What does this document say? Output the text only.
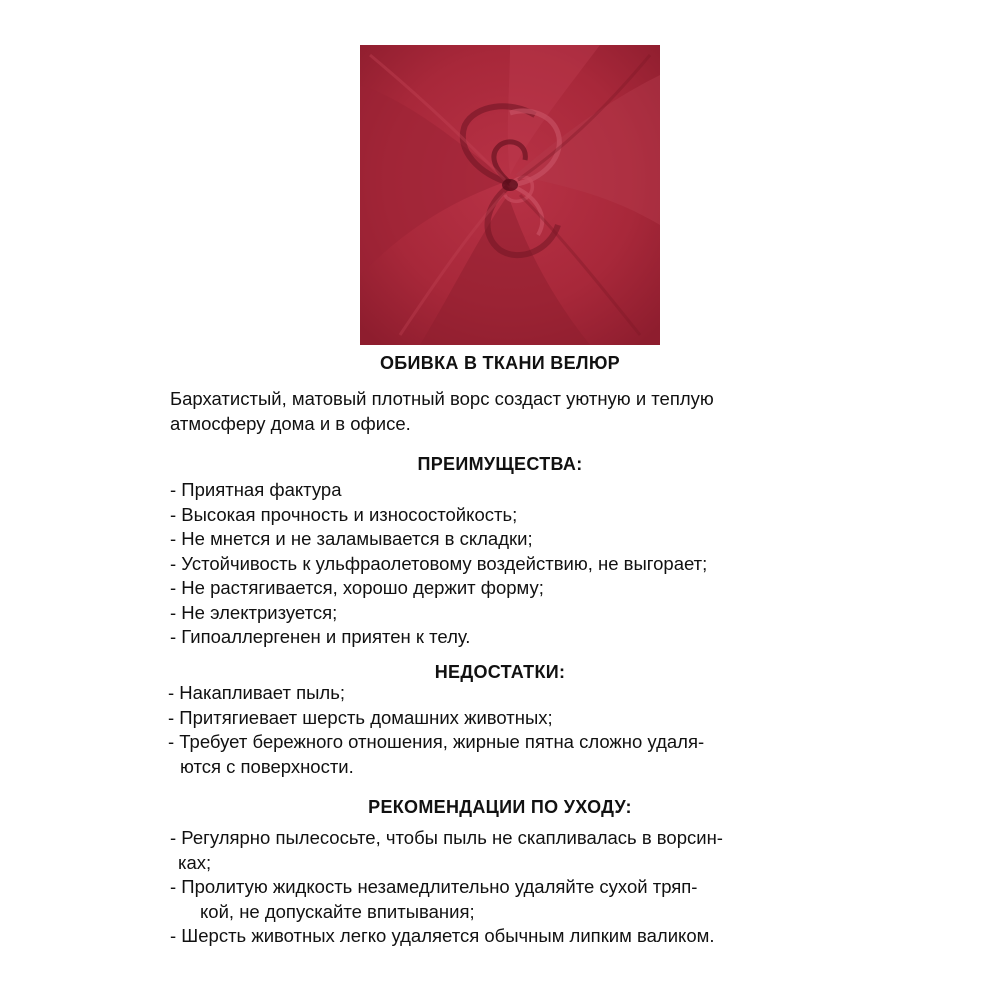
ОБИВКА В ТКАНИ ВЕЛЮР

Бархатистый, матовый плотный ворс создаст уютную и теплую

атмосферу дома и в офисе.

ПРЕИМУЩЕСТВА:
- Приятная фактура
- Высокая прочность и износостойкость;
- Не мнется и не заламывается в складки;
- Устойчивость к ульфраолетовому воздействию, не выгорает;
- Не растягивается, хорошо держит форму;
- Не электризуется;
- Гипоаллергенен и приятен к телу.
НЕДОСТАТКИ:
- Накапливает пыль;
- Притягиевает шерсть домашних животных;
- Требует бережного отношения, жирные пятна сложно удаля-
ются с поверхности.
РЕКОМЕНДАЦИИ ПО УХОДУ:
- Регулярно пылесосьте, чтобы пыль не скапливалась в ворсин-
ках;
- Пролитую жидкость незамедлительно удаляйте сухой тряп-
кой, не допускайте впитывания;
- Шерсть животных легко удаляется обычным липким валиком.
